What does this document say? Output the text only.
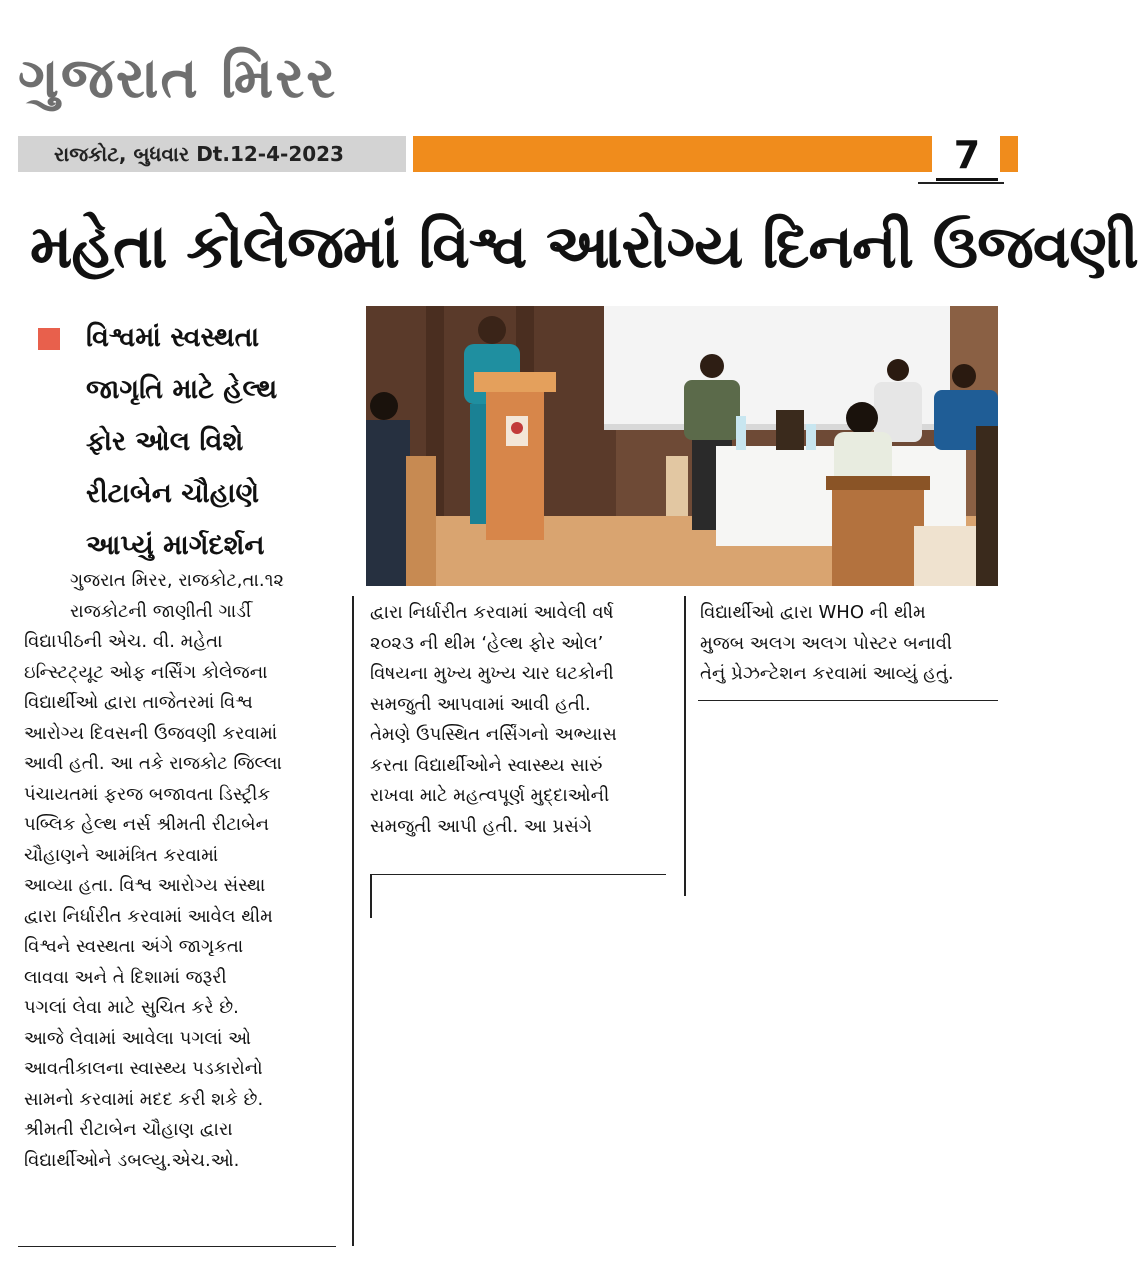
ગુજરાત મિરર
રાજકોટ, બુધવાર Dt.12-4-2023	7
મહેતા કોલેજમાં વિશ્વ આરોગ્ય દિનની ઉજવણી
વિશ્વમાં સ્વસ્થતા
જાગૃતિ માટે હેલ્થ
ફોર ઓલ વિશે
રીટાબેન ચૌહાણે
આપ્યું માર્ગદર્શન
ગુજરાત મિરર, રાજકોટ,તા.૧૨
રાજકોટની જાણીતી ગાર્ડી
વિદ્યાપીઠની એચ. વી. મહેતા
ઇન્સ્ટિટ્યૂટ ઓફ નર્સિંગ કોલેજના
વિદ્યાર્થીઓ દ્વારા તાજેતરમાં વિશ્વ
આરોગ્ય દિવસની ઉજવણી કરવામાં
આવી હતી. આ તકે રાજકોટ જિલ્લા
પંચાયતમાં ફરજ બજાવતા ડિસ્ટ્રીક
પબ્લિક હેલ્થ નર્સ શ્રીમતી રીટાબેન
ચૌહાણને આમંત્રિત કરવામાં
આવ્યા હતા. વિશ્વ આરોગ્ય સંસ્થા
દ્વારા નિર્ધારીત કરવામાં આવેલ થીમ
વિશ્વને સ્વસ્થતા અંગે જાગૃકતા
લાવવા અને તે દિશામાં જરૂરી
પગલાં લેવા માટે સુચિત કરે છે.
આજે લેવામાં આવેલા પગલાં ઓ
આવતીકાલના સ્વાસ્થ્ય પડકારોનો
સામનો કરવામાં મદદ કરી શકે છે.
શ્રીમતી રીટાબેન ચૌહાણ દ્વારા
વિદ્યાર્થીઓને ડબલ્યુ.એચ.ઓ.
દ્વારા નિર્ધારીત કરવામાં આવેલી વર્ષ
૨૦૨૩ ની થીમ ‘હેલ્થ ફોર ઓલ’
વિષયના મુખ્ય મુખ્ય ચાર ઘટકોની
સમજુતી આપવામાં આવી હતી.
તેમણે ઉપસ્થિત નર્સિંગનો અભ્યાસ
કરતા વિદ્યાર્થીઓને સ્વાસ્થ્ય સારું
રાખવા માટે મહત્વપૂર્ણ મુદ્દાઓની
સમજુતી આપી હતી. આ પ્રસંગે
વિદ્યાર્થીઓ દ્વારા WHO ની થીમ
મુજબ અલગ અલગ પોસ્ટર બનાવી
તેનું પ્રેઝન્ટેશન કરવામાં આવ્યું હતું.
